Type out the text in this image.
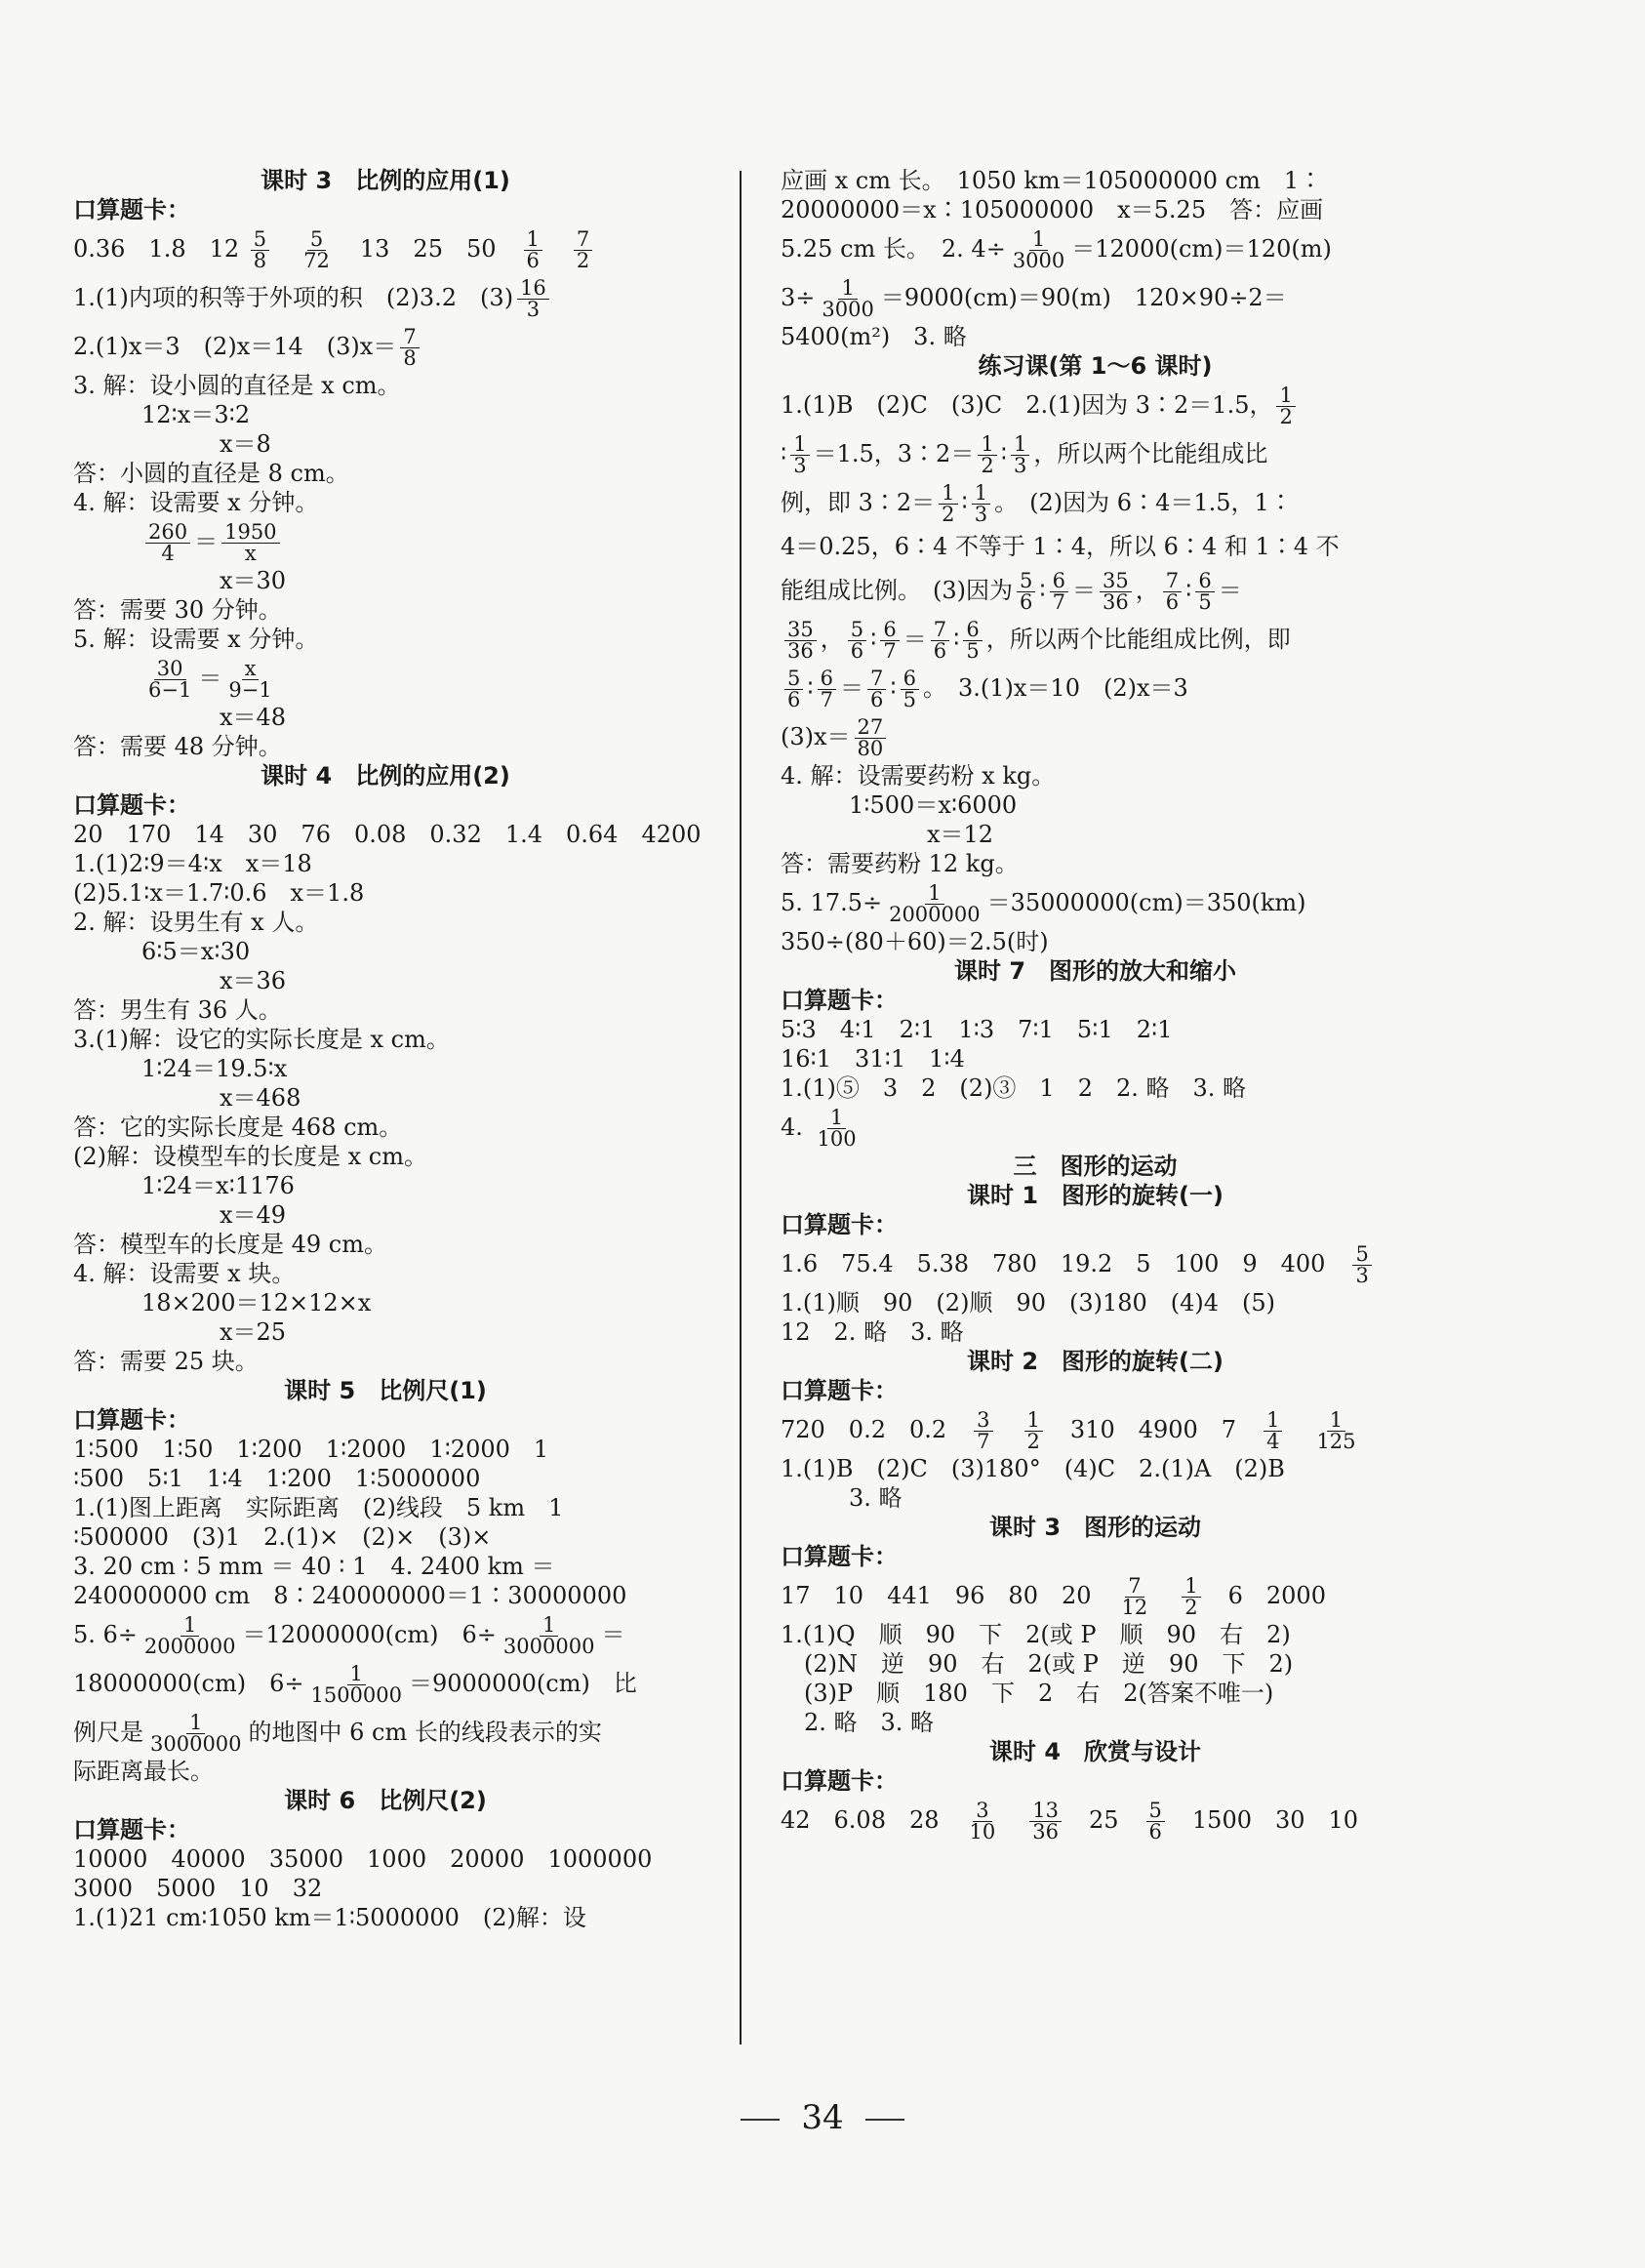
课时 3　比例的应用(1)
口算题卡：
0.36　1.8　$12 \frac{5}{8}$
　 $\frac{5}{72}$ 　13　25　50　 $\frac{1}{6}$
　 $\frac{7}{2}$
1.(1)内项的积等于外项的积　(2)3.2　$(3) \frac{16}{3}$
2.(1)x＝3　(2)x＝14　$(3)x= \frac{7}{8}$
3. 解：设小圆的直径是 x cm。
12∶x＝3∶2
x＝8
答：小圆的直径是 8 cm。
4. 解：设需要 x 分钟。
$\frac{260}{4} = \frac{1950}{x}$
x＝30
答：需要 30 分钟。
5. 解：设需要 x 分钟。
$\frac{30}{6-1} = \frac{x}{9-1}$
x＝48
答：需要 48 分钟。
课时 4　比例的应用(2)
口算题卡：
20　170　14　30　76　0.08　0.32　1.4　0.64　4200
1.(1)2∶9＝4∶x　x＝18
(2)5.1∶x＝1.7∶0.6　x＝1.8
2. 解：设男生有 x 人。
6∶5＝x∶30
x＝36
答：男生有 36 人。
3.(1)解：设它的实际长度是 x cm。
1∶24＝19.5∶x
x＝468
答：它的实际长度是 468 cm。
(2)解：设模型车的长度是 x cm。
1∶24＝x∶1176
x＝49
答：模型车的长度是 49 cm。
4. 解：设需要 x 块。
18×200＝12×12×x
x＝25
答：需要 25 块。
课时 5　比例尺(1)
口算题卡：
1∶500　1∶50　1∶200　1∶2000　1∶2000　1
∶500　5∶1　1∶4　1∶200　1∶5000000
1.(1)图上距离　实际距离　(2)线段　5 km　1
∶500000　(3)1　2.(1)×　(2)×　(3)×
3. 20 cm ∶ 5 mm ＝ 40 ∶ 1　4. 2400 km ＝
240000000 cm　8∶240000000＝1∶30000000
5. $6\div \frac{1}{2000000} =12000000(cm)$　$6\div \frac{1}{3000000}$ ＝
18000000(cm)　$6\div \frac{1}{1500000} =9000000(cm)$　比
例尺是 $\frac{1}{3000000}$ 的地图中 6 cm 长的线段表示的实
际距离最长。
课时 6　比例尺(2)
口算题卡：
10000　40000　35000　1000　20000　1000000
3000　5000　10　32
1.(1)21 cm∶1050 km＝1∶5000000　(2)解：设
应画 x cm 长。　1050 km＝105000000 cm　1∶
20000000＝x∶105000000　x＝5.25　答：应画
5.25 cm 长。　2. $4\div \frac{1}{3000} =12000(cm)=120(m)$
$3\div \frac{1}{3000} =9000(cm)=90(m)$　120×90÷2＝
5400(m²)　3. 略
练习课(第 1～6 课时)
1.(1)B　(2)C　(3)C　2.(1)因为 3∶2＝1.5， $\frac{1}{2}$
∶ $\frac{1}{3} =1.5$，3∶2＝ $\frac{1}{2}$ ∶ $\frac{1}{3}$ ，所以两个比能组成比
例，即 3∶2＝ $\frac{1}{2}$ ∶ $\frac{1}{3}$ 。　(2)因为 6∶4＝1.5，1∶
4＝0.25，6∶4 不等于 1∶4，所以 6∶4 和 1∶4 不
能组成比例。　(3)因为 $\frac{5}{6}$ ∶ $\frac{6}{7} = \frac{35}{36}$ ， $\frac{7}{6}$ ∶ $\frac{6}{5}$ ＝
$\frac{35}{36}$ ， $\frac{5}{6}$ ∶ $\frac{6}{7} = \frac{7}{6}$ ∶ $\frac{6}{5}$ ，所以两个比能组成比例，即
$\frac{5}{6}$ ∶ $\frac{6}{7} = \frac{7}{6}$ ∶ $\frac{6}{5}$ 。　3.(1)x＝10　(2)x＝3
$(3)x= \frac{27}{80}$
4. 解：设需要药粉 x kg。
1∶500＝x∶6000
x＝12
答：需要药粉 12 kg。
5. $17.5\div \frac{1}{2000000} =35000000(cm)=350(km)$
350÷(80＋60)＝2.5(时)
课时 7　图形的放大和缩小
口算题卡：
5∶3　4∶1　2∶1　1∶3　7∶1　5∶1　2∶1
16∶1　31∶1　1∶4
1.(1)⑤　3　2　(2)③　1　2　2. 略　3. 略
4. $\frac{1}{100}$
三　图形的运动
课时 1　图形的旋转(一)
口算题卡：
1.6　75.4　5.38　780　19.2　5　100　9　400　 $\frac{5}{3}$
1.(1)顺　90　(2)顺　90　(3)180　(4)4　(5)
12　2. 略　3. 略
课时 2　图形的旋转(二)
口算题卡：
720　0.2　0.2　 $\frac{3}{7}$
　 $\frac{1}{2}$ 　310　4900　7　 $\frac{1}{4}$
　 $\frac{1}{125}$
1.(1)B　(2)C　(3)180°　(4)C　2.(1)A　(2)B
3. 略
课时 3　图形的运动
口算题卡：
17　10　441　96　80　20　 $\frac{7}{12}$
　 $\frac{1}{2}$ 　6　2000
1.(1)Q　顺　90　下　2(或 P　顺　90　右　2)
　(2)N　逆　90　右　2(或 P　逆　90　下　2)
　(3)P　顺　180　下　2　右　2(答案不唯一)
　2. 略　3. 略
课时 4　欣赏与设计
口算题卡：
42　6.08　28　 $\frac{3}{10}$
　 $\frac{13}{36}$ 　25　 $\frac{5}{6}$ 　1500　30　10
34
